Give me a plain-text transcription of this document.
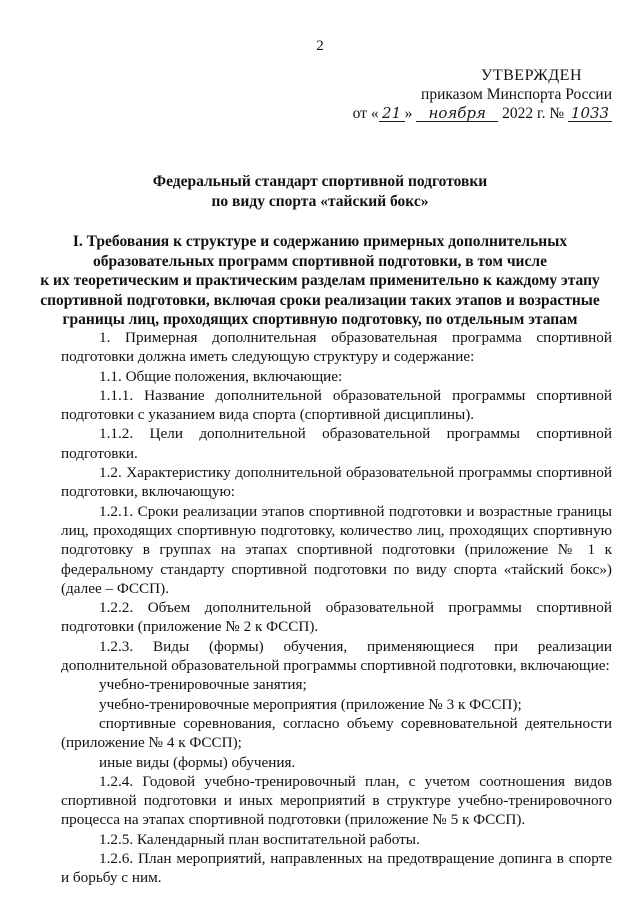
2
УТВЕРЖДЕН
приказом Минспорта России
от « 21 » ноября 2022 г. № 1033
Федеральный стандарт спортивной подготовки
по виду спорта «тайский бокс»
I. Требования к структуре и содержанию примерных дополнительных
образовательных программ спортивной подготовки, в том числе
к их теоретическим и практическим разделам применительно к каждому этапу
спортивной подготовки, включая сроки реализации таких этапов и возрастные
границы лиц, проходящих спортивную подготовку, по отдельным этапам

1. Примерная дополнительная образовательная программа спортивной подготовки должна иметь следующую структуру и содержание:

1.1. Общие положения, включающие:

1.1.1. Название дополнительной образовательной программы спортивной подготовки с указанием вида спорта (спортивной дисциплины).

1.1.2. Цели дополнительной образовательной программы спортивной подготовки.

1.2. Характеристику дополнительной образовательной программы спортивной подготовки, включающую:

1.2.1. Сроки реализации этапов спортивной подготовки и возрастные границы лиц, проходящих спортивную подготовку, количество лиц, проходящих спортивную подготовку в группах на этапах спортивной подготовки (приложение № 1 к федеральному стандарту спортивной подготовки по виду спорта «тайский бокс») (далее – ФССП).

1.2.2. Объем дополнительной образовательной программы спортивной подготовки (приложение № 2 к ФССП).

1.2.3. Виды (формы) обучения, применяющиеся при реализации дополнительной образовательной программы спортивной подготовки, включающие:

учебно-тренировочные занятия;

учебно-тренировочные мероприятия (приложение № 3 к ФССП);

спортивные соревнования, согласно объему соревновательной деятельности (приложение № 4 к ФССП);

иные виды (формы) обучения.

1.2.4. Годовой учебно-тренировочный план, с учетом соотношения видов спортивной подготовки и иных мероприятий в структуре учебно-тренировочного процесса на этапах спортивной подготовки (приложение № 5 к ФССП).

1.2.5. Календарный план воспитательной работы.

1.2.6. План мероприятий, направленных на предотвращение допинга в спорте и борьбу с ним.
